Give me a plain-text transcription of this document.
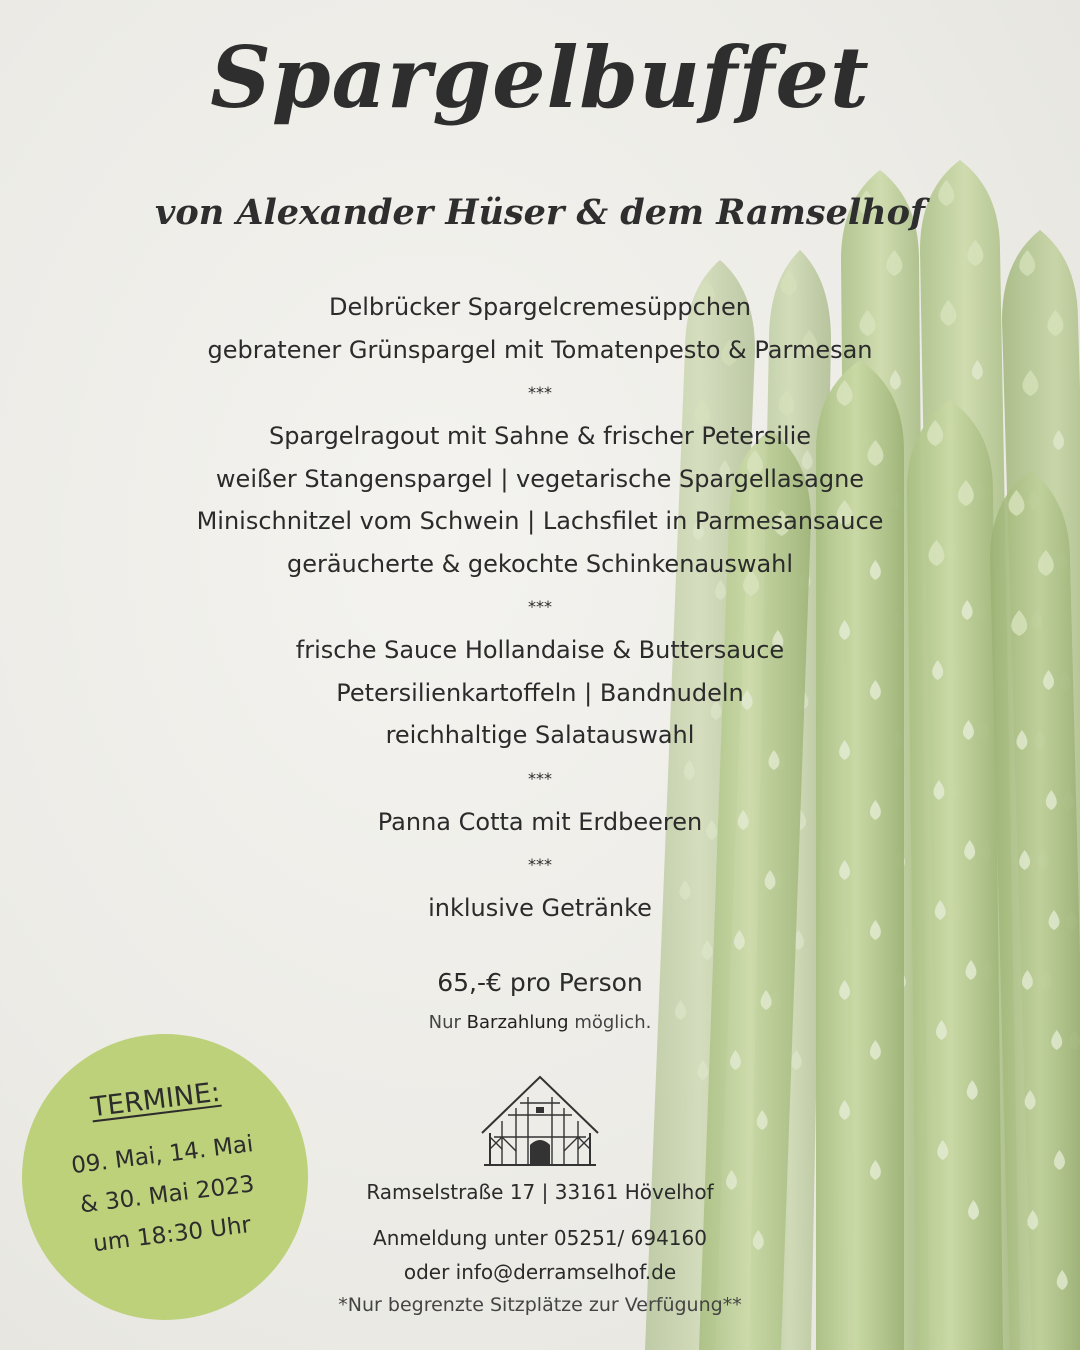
Spargelbuffet
von Alexander Hüser & dem Ramselhof
Delbrücker Spargelcremesüppchen
gebratener Grünspargel mit Tomatenpesto & Parmesan
***
Spargelragout mit Sahne & frischer Petersilie
weißer Stangenspargel | vegetarische Spargellasagne
Minischnitzel vom Schwein | Lachsfilet in Parmesansauce
geräucherte & gekochte Schinkenauswahl
***
frische Sauce Hollandaise & Buttersauce
Petersilienkartoffeln | Bandnudeln
reichhaltige Salatauswahl
***
Panna Cotta mit Erdbeeren
***
inklusive Getränke
65,-€ pro Person
Nur Barzahlung möglich.
Ramselstraße 17 | 33161 Hövelhof
Anmeldung unter 05251/ 694160
oder info@derramselhof.de
*Nur begrenzte Sitzplätze zur Verfügung**
TERMINE:
09. Mai, 14. Mai
& 30. Mai 2023
um 18:30 Uhr
